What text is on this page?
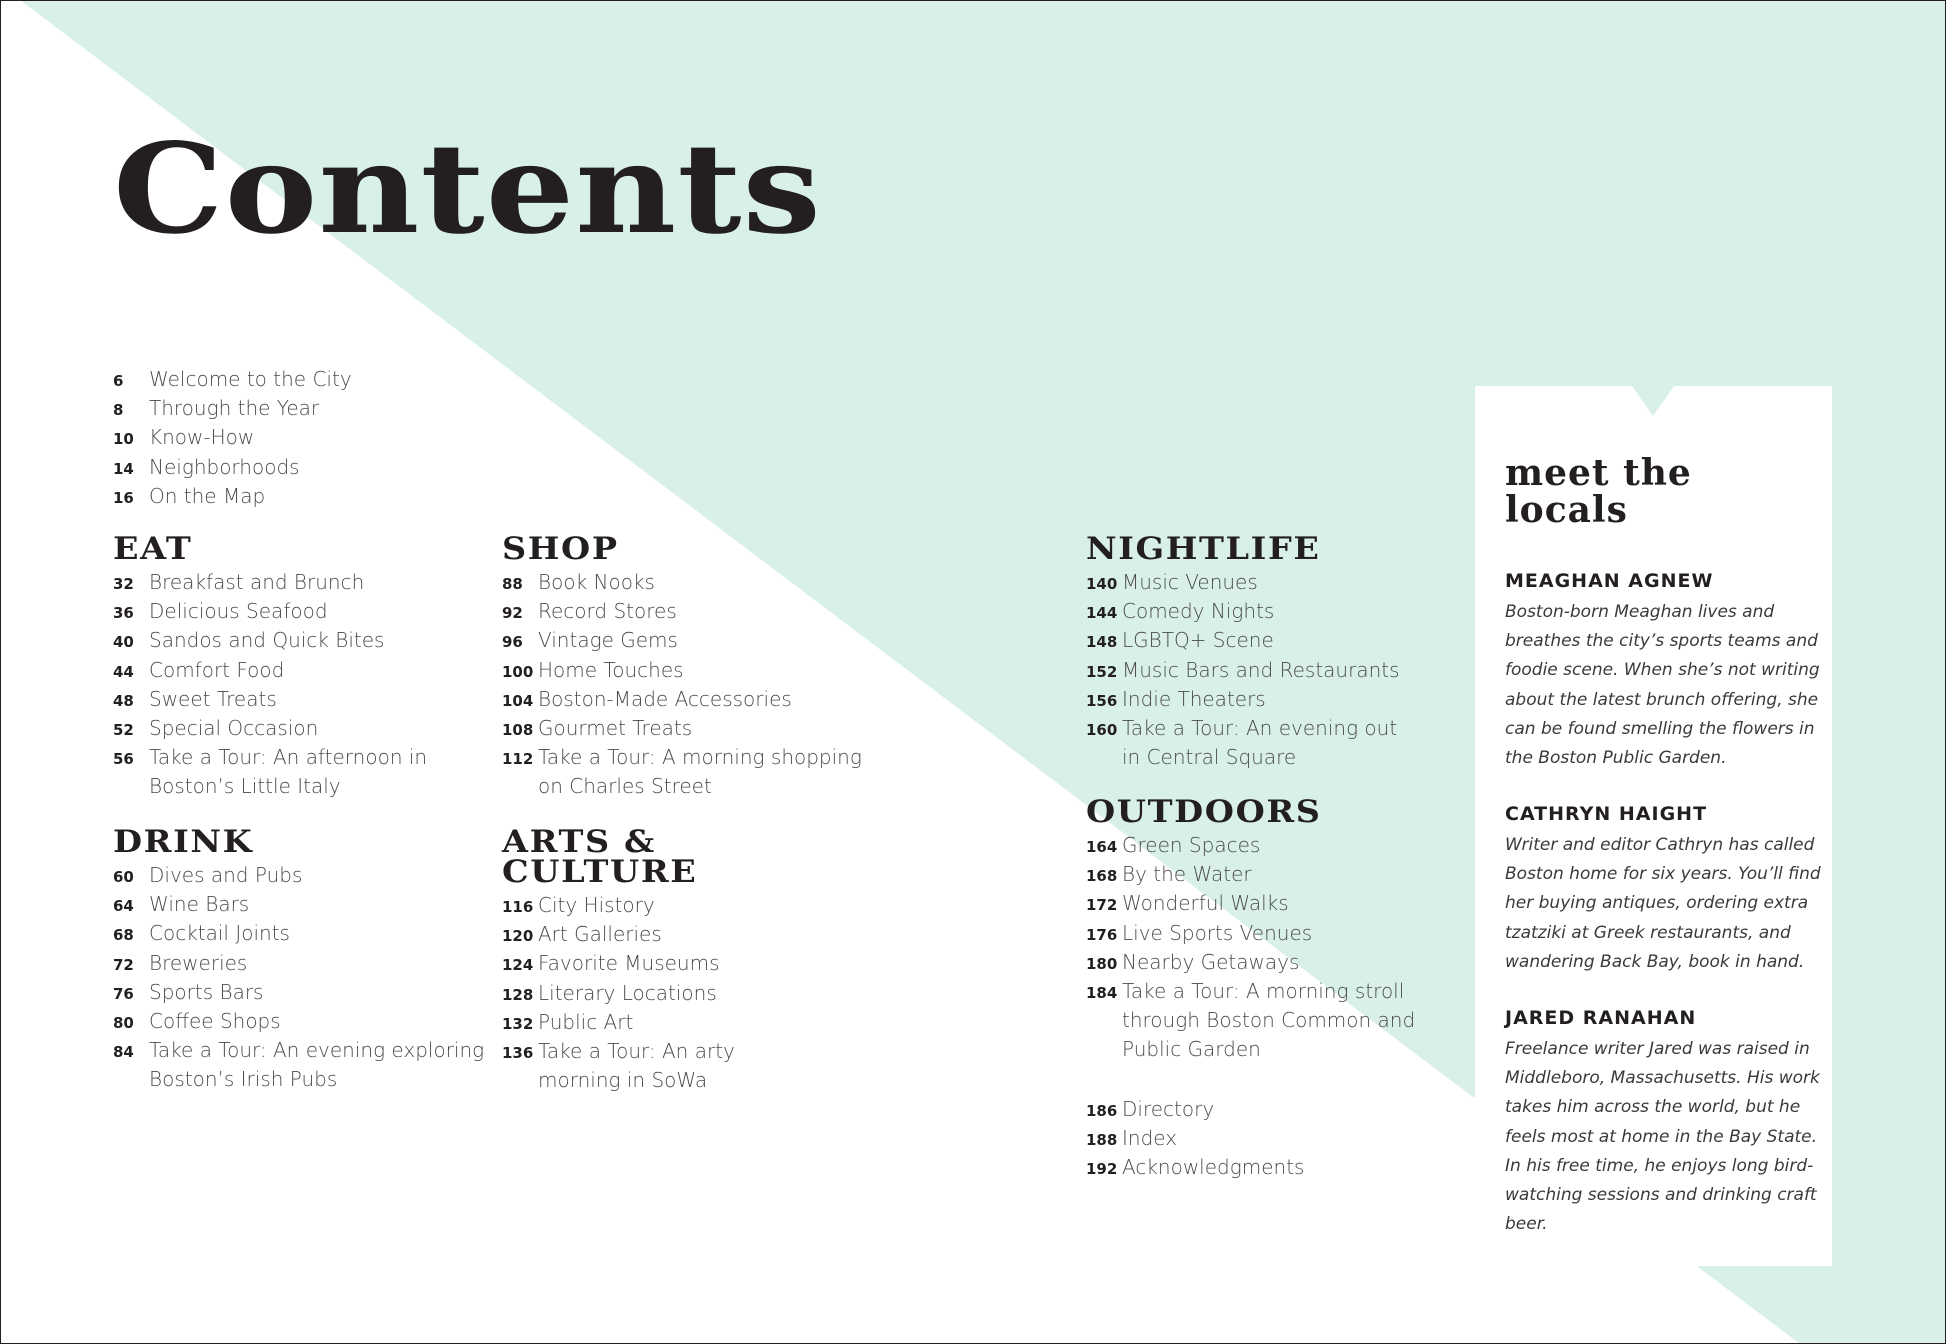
Contents
6	Welcome to the City
8	Through the Year
10 Know-How
14 Neighborhoods
16 On the Map
EAT
32 Breakfast and Brunch
36 Delicious Seafood
40 Sandos and Quick Bites
44 Comfort Food
48 Sweet Treats
52 Special Occasion
56 Take a Tour: An afternoon in
Boston’s Little Italy
DRINK
60 Dives and Pubs
64 Wine Bars
68 Cocktail Joints
72 Breweries
76 Sports Bars
80 Coffee Shops
84 Take a Tour: An evening exploring
Boston’s Irish Pubs
SHOP
88 Book Nooks
92 Record Stores
96 Vintage Gems
100 Home Touches
104 Boston-Made Accessories
108 Gourmet Treats
112 Take a Tour: A morning shopping
on Charles Street
ARTS &
CULTURE
116 City History
120 Art Galleries
124 Favorite Museums
128 Literary Locations
132 Public Art
136 Take a Tour: An arty
morning in SoWa
NIGHTLIFE
140 Music Venues
144 Comedy Nights
148 LGBTQ+ Scene
152 Music Bars and Restaurants
156 Indie Theaters
160 Take a Tour: An evening out
in Central Square
OUTDOORS
164 Green Spaces
168 By the Water
172 Wonderful Walks
176 Live Sports Venues
180 Nearby Getaways
184 Take a Tour: A morning stroll
through Boston Common and
Public Garden
186 Directory
188 Index
192 Acknowledgments
meet the
locals
MEAGHAN AGNEW

Boston-born Meaghan lives and breathes the city’s sports teams and foodie scene. When she’s not writing about the latest brunch offering, she can be found smelling the flowers in the Boston Public Garden.

CATHRYN HAIGHT

Writer and editor Cathryn has called Boston home for six years. You’ll find her buying antiques, ordering extra tzatziki at Greek restaurants, and wandering Back Bay, book in hand.

JARED RANAHAN

Freelance writer Jared was raised in Middleboro, Massachusetts. His work takes him across the world, but he feels most at home in the Bay State. In his free time, he enjoys long bird-watching sessions and drinking craft beer.
